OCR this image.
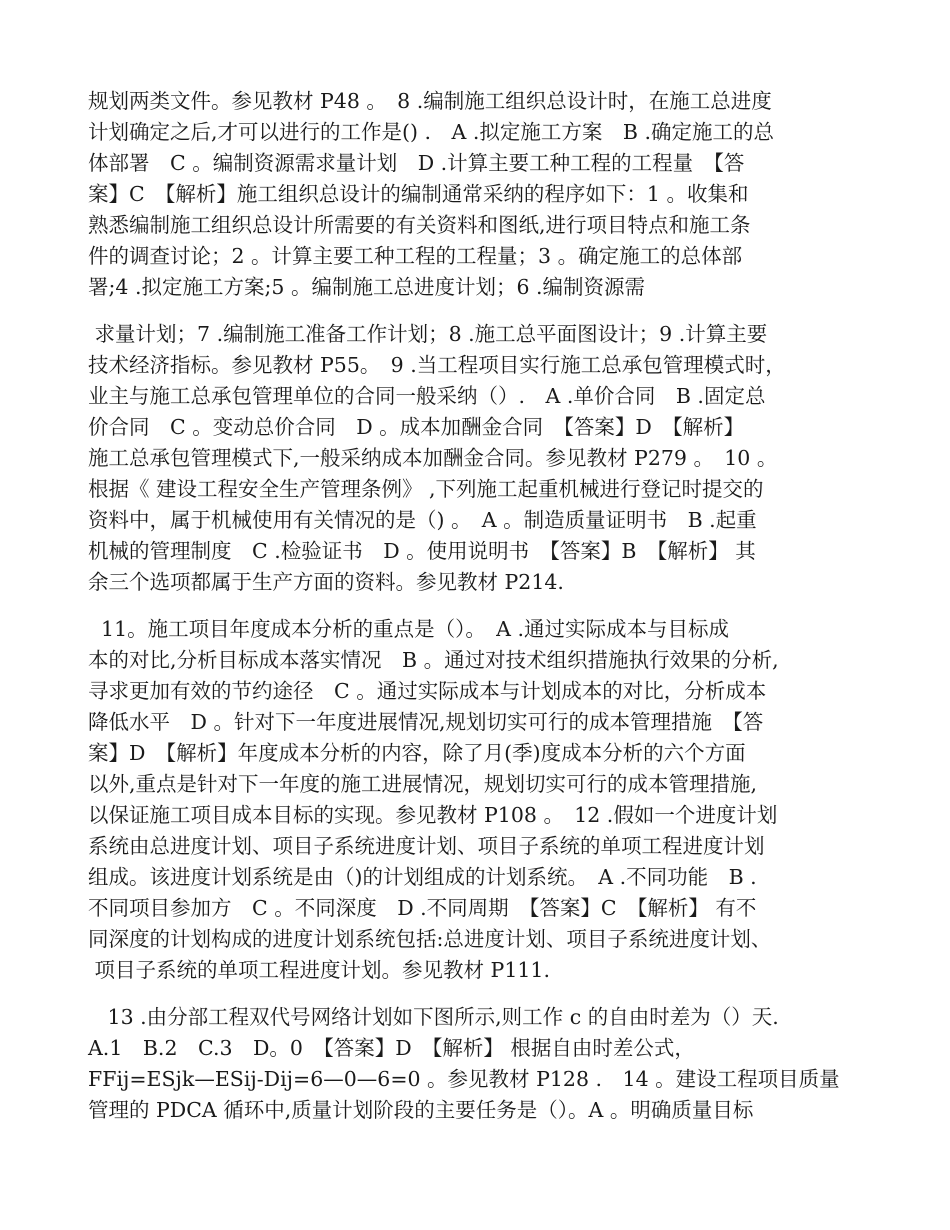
规划两类文件。参见教材 P48 。　8 .编制施工组织总设计时，在施工总进度
计划确定之后,才可以进行的工作是() .　A .拟定施工方案　B .确定施工的总
体部署　C 。编制资源需求量计划　D .计算主要工种工程的工程量　【答
案】C　【解析】施工组织总设计的编制通常采纳的程序如下：1 。收集和
熟悉编制施工组织总设计所需要的有关资料和图纸,进行项目特点和施工条
件的调查讨论；2 。计算主要工种工程的工程量；3 。确定施工的总体部
署;4 .拟定施工方案;5 。编制施工总进度计划；6 .编制资源需
求量计划；7 .编制施工准备工作计划；8 .施工总平面图设计；9 .计算主要
技术经济指标。参见教材 P55。　9 .当工程项目实行施工总承包管理模式时，
业主与施工总承包管理单位的合同一般采纳（）.　A .单价合同　B .固定总
价合同　C 。变动总价合同　D 。成本加酬金合同　【答案】D　【解析】
施工总承包管理模式下,一般采纳成本加酬金合同。参见教材 P279 。　10 。
根据《 建设工程安全生产管理条例》 ,下列施工起重机械进行登记时提交的
资料中，属于机械使用有关情况的是（) 。　A 。制造质量证明书　B .起重
机械的管理制度　C .检验证书　D 。使用说明书　【答案】B　【解析】 其
余三个选项都属于生产方面的资料。参见教材 P214.
11。施工项目年度成本分析的重点是（）。　A .通过实际成本与目标成
本的对比,分析目标成本落实情况　B 。通过对技术组织措施执行效果的分析,
寻求更加有效的节约途径　C 。通过实际成本与计划成本的对比，分析成本
降低水平　D 。针对下一年度进展情况,规划切实可行的成本管理措施　【答
案】D　【解析】年度成本分析的内容，除了月(季)度成本分析的六个方面
以外,重点是针对下一年度的施工进展情况，规划切实可行的成本管理措施,
以保证施工项目成本目标的实现。参见教材 P108 。　12 .假如一个进度计划
系统由总进度计划、项目子系统进度计划、项目子系统的单项工程进度计划
组成。该进度计划系统是由（)的计划组成的计划系统。　A .不同功能　B .
不同项目参加方　C 。不同深度　D .不同周期　【答案】C　【解析】 有不
同深度的计划构成的进度计划系统包括:总进度计划、项目子系统进度计划、
项目子系统的单项工程进度计划。参见教材 P111.
13 .由分部工程双代号网络计划如下图所示,则工作 c 的自由时差为（）天.
A.1　B.2　C.3　D。0　【答案】D　【解析】 根据自由时差公式，
FFij=ESjk—ESij-Dij=6—0—6=0 。参见教材 P128 .　14 。建设工程项目质量
管理的 PDCA 循环中,质量计划阶段的主要任务是（）。A 。明确质量目标
